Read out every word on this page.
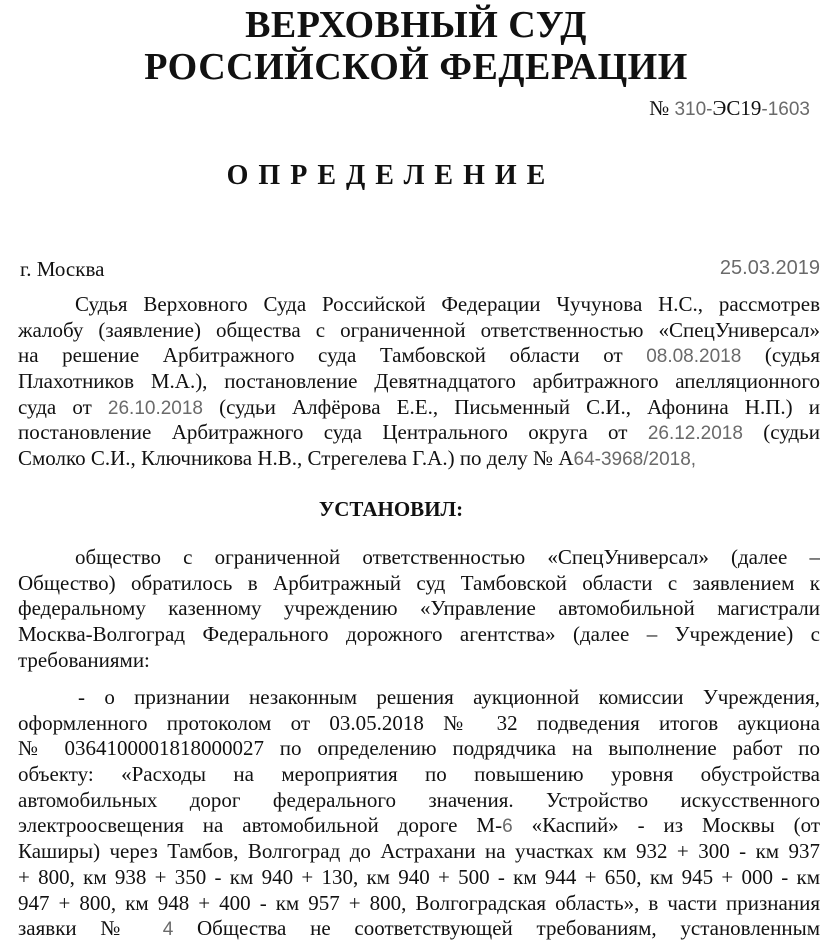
ВЕРХОВНЫЙ СУД
РОССИЙСКОЙ ФЕДЕРАЦИИ
№ 310-ЭС19-1603
ОПРЕДЕЛЕНИЕ
г. Москва	25.03.2019
Судья Верховного Суда Российской Федерации Чучунова Н.С., рассмотрев
жалобу (заявление) общества с ограниченной ответственностью «СпецУниверсал»
на решение Арбитражного суда Тамбовской области от 08.08.2018 (судья
Плахотников М.А.), постановление Девятнадцатого арбитражного апелляционного
суда от 26.10.2018 (судьи Алфёрова Е.Е., Письменный С.И., Афонина Н.П.) и
постановление Арбитражного суда Центрального округа от 26.12.2018 (судьи
Смолко С.И., Ключникова Н.В., Стрегелева Г.А.) по делу № А64-3968/2018,
УСТАНОВИЛ:
общество с ограниченной ответственностью «СпецУниверсал» (далее –
Общество) обратилось в Арбитражный суд Тамбовской области с заявлением к
федеральному казенному учреждению «Управление автомобильной магистрали
Москва-Волгоград Федерального дорожного агентства» (далее – Учреждение) с
требованиями:
- о признании незаконным решения аукционной комиссии Учреждения,
оформленного протоколом от 03.05.2018 № 32 подведения итогов аукциона
№ 0364100001818000027 по определению подрядчика на выполнение работ по
объекту: «Расходы на мероприятия по повышению уровня обустройства
автомобильных дорог федерального значения. Устройство искусственного
электроосвещения на автомобильной дороге М-6 «Каспий» - из Москвы (от
Каширы) через Тамбов, Волгоград до Астрахани на участках км 932 + 300 - км 937
+ 800, км 938 + 350 - км 940 + 130, км 940 + 500 - км 944 + 650, км 945 + 000 - км
947 + 800, км 948 + 400 - км 957 + 800, Волгоградская область», в части признания
заявки № 4 Общества не соответствующей требованиям, установленным
